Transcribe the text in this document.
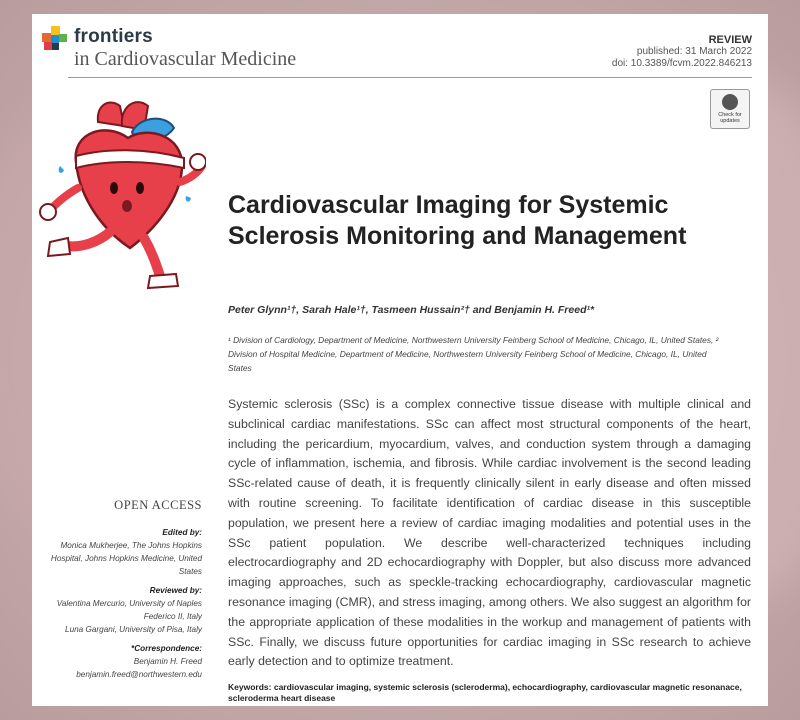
frontiers
in Cardiovascular Medicine
REVIEW
published: 31 March 2022
doi: 10.3389/fcvm.2022.846213
Check for updates
Cardiovascular Imaging for Systemic Sclerosis Monitoring and Management
Peter Glynn¹†, Sarah Hale¹†, Tasmeen Hussain²† and Benjamin H. Freed¹*
¹ Division of Cardiology, Department of Medicine, Northwestern University Feinberg School of Medicine, Chicago, IL, United States, ² Division of Hospital Medicine, Department of Medicine, Northwestern University Feinberg School of Medicine, Chicago, IL, United States

Systemic sclerosis (SSc) is a complex connective tissue disease with multiple clinical and subclinical cardiac manifestations. SSc can affect most structural components of the heart, including the pericardium, myocardium, valves, and conduction system through a damaging cycle of inflammation, ischemia, and fibrosis. While cardiac involvement is the second leading SSc-related cause of death, it is frequently clinically silent in early disease and often missed with routine screening. To facilitate identification of cardiac disease in this susceptible population, we present here a review of cardiac imaging modalities and potential uses in the SSc patient population. We describe well-characterized techniques including electrocardiography and 2D echocardiography with Doppler, but also discuss more advanced imaging approaches, such as speckle-tracking echocardiography, cardiovascular magnetic resonance imaging (CMR), and stress imaging, among others. We also suggest an algorithm for the appropriate application of these modalities in the workup and management of patients with SSc. Finally, we discuss future opportunities for cardiac imaging in SSc research to achieve early detection and to optimize treatment.

Keywords: cardiovascular imaging, systemic sclerosis (scleroderma), echocardiography, cardiovascular magnetic resonanace, scleroderma heart disease
OPEN ACCESS
Edited by:
Monica Mukherjee, The Johns Hopkins Hospital, Johns Hopkins Medicine, United States
Reviewed by:
Valentina Mercurio, University of Naples Federico II, Italy
Luna Gargani, University of Pisa, Italy
*Correspondence:
Benjamin H. Freed
benjamin.freed@northwestern.edu
